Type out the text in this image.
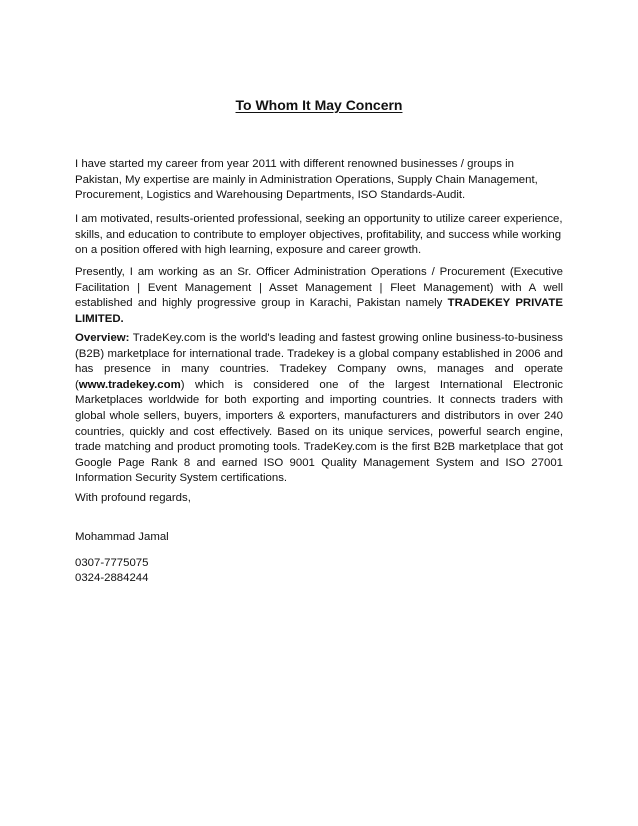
To Whom It May Concern

I have started my career from year 2011 with different renowned businesses / groups in Pakistan, My expertise are mainly in Administration Operations, Supply Chain Management, Procurement, Logistics and Warehousing Departments, ISO Standards-Audit.

I am motivated, results-oriented professional, seeking an opportunity to utilize career experience, skills, and education to contribute to employer objectives, profitability, and success while working on a position offered with high learning, exposure and career growth.

Presently, I am working as an Sr. Officer Administration Operations / Procurement (Executive Facilitation | Event Management | Asset Management | Fleet Management) with A well established and highly progressive group in Karachi, Pakistan namely TRADEKEY PRIVATE LIMITED.

Overview: TradeKey.com is the world's leading and fastest growing online business-to-business (B2B) marketplace for international trade. Tradekey is a global company established in 2006 and has presence in many countries. Tradekey Company owns, manages and operate (www.tradekey.com) which is considered one of the largest International Electronic Marketplaces worldwide for both exporting and importing countries. It connects traders with global whole sellers, buyers, importers & exporters, manufacturers and distributors in over 240 countries, quickly and cost effectively. Based on its unique services, powerful search engine, trade matching and product promoting tools. TradeKey.com is the first B2B marketplace that got Google Page Rank 8 and earned ISO 9001 Quality Management System and ISO 27001 Information Security System certifications.

With profound regards,

Mohammad Jamal

0307-7775075

0324-2884244
